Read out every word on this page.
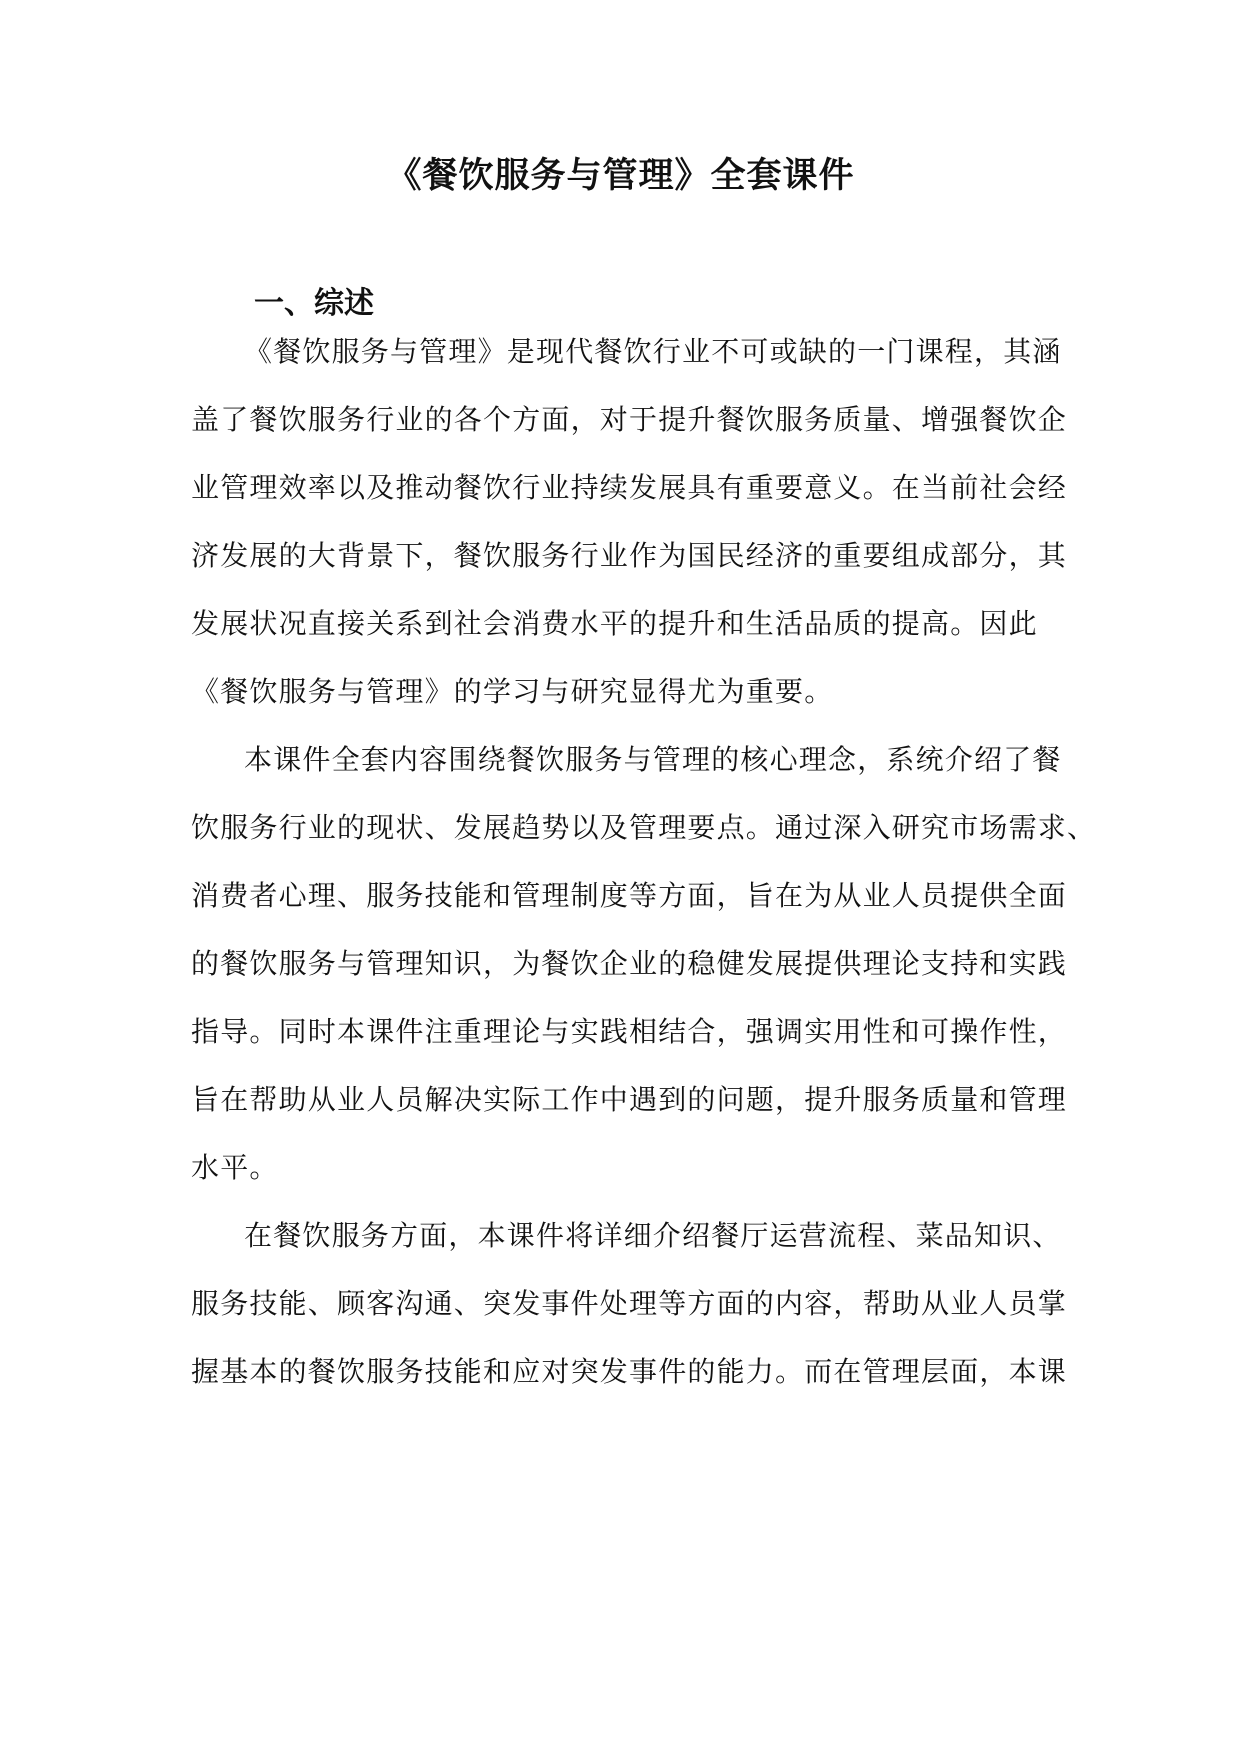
《餐饮服务与管理》全套课件
一、综述
《餐饮服务与管理》是现代餐饮行业不可或缺的一门课程，其涵
盖了餐饮服务行业的各个方面，对于提升餐饮服务质量、增强餐饮企
业管理效率以及推动餐饮行业持续发展具有重要意义。在当前社会经
济发展的大背景下，餐饮服务行业作为国民经济的重要组成部分，其
发展状况直接关系到社会消费水平的提升和生活品质的提高。因此
《餐饮服务与管理》的学习与研究显得尤为重要。
本课件全套内容围绕餐饮服务与管理的核心理念，系统介绍了餐
饮服务行业的现状、发展趋势以及管理要点。通过深入研究市场需求、
消费者心理、服务技能和管理制度等方面，旨在为从业人员提供全面
的餐饮服务与管理知识，为餐饮企业的稳健发展提供理论支持和实践
指导。同时本课件注重理论与实践相结合，强调实用性和可操作性，
旨在帮助从业人员解决实际工作中遇到的问题，提升服务质量和管理
水平。
在餐饮服务方面，本课件将详细介绍餐厅运营流程、菜品知识、
服务技能、顾客沟通、突发事件处理等方面的内容，帮助从业人员掌
握基本的餐饮服务技能和应对突发事件的能力。而在管理层面，本课
